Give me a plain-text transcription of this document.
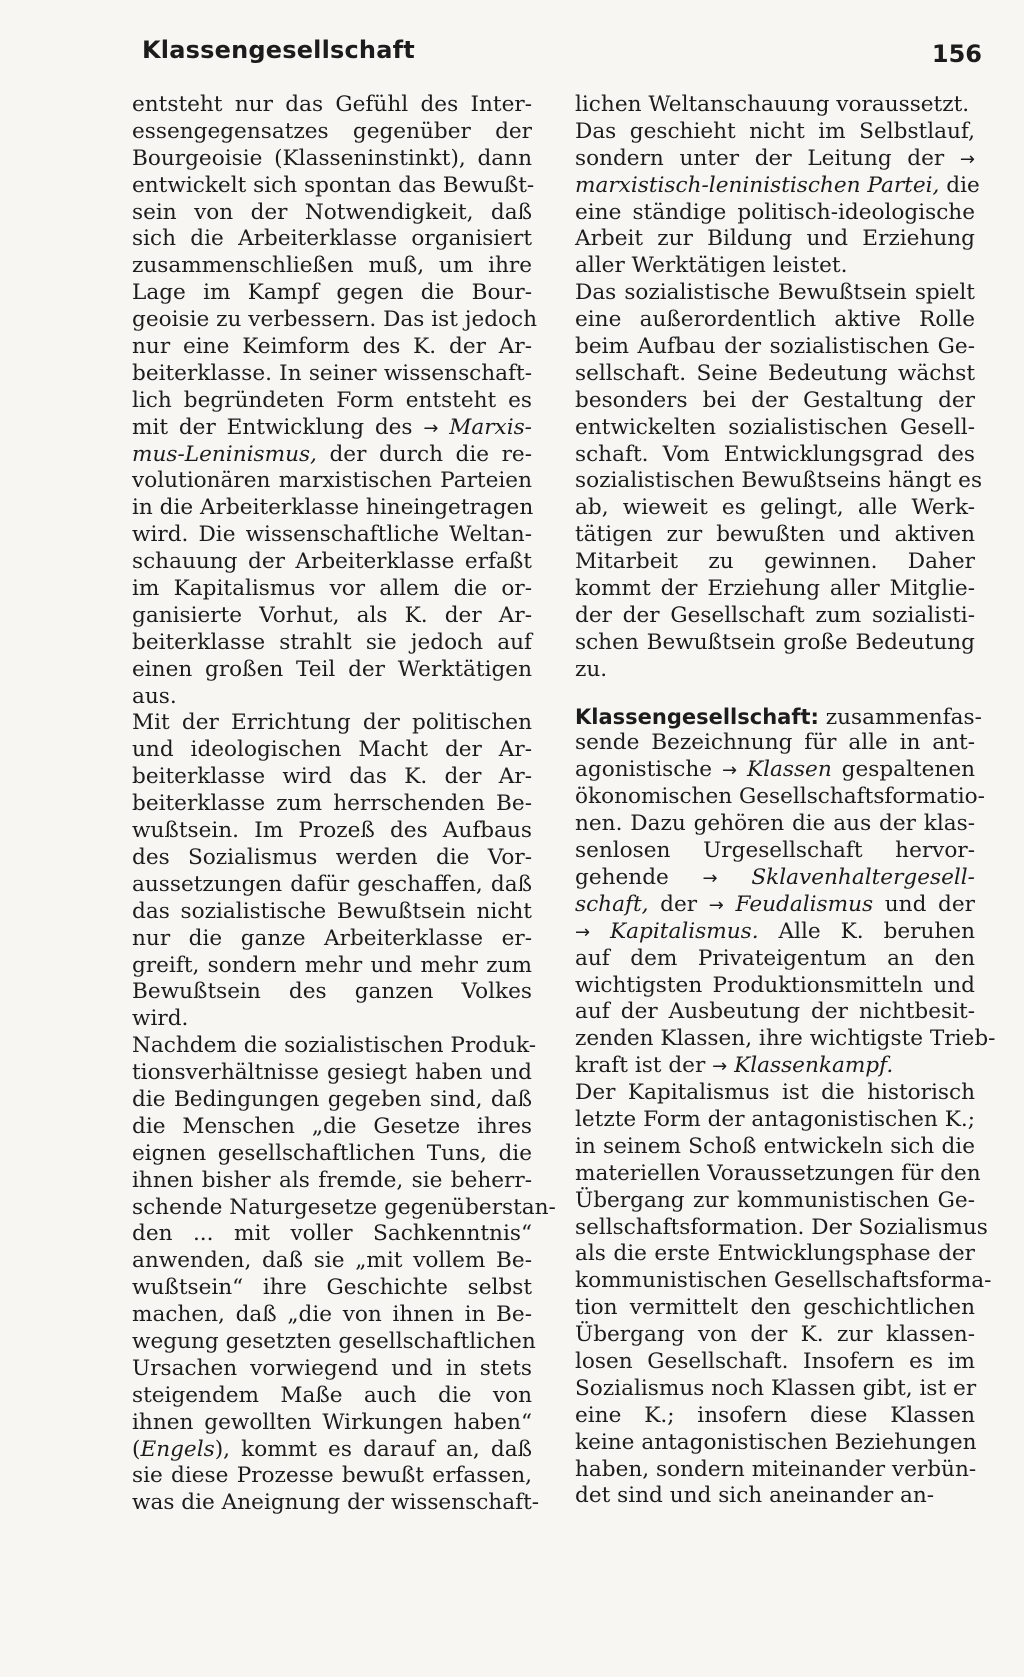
Klassengesellschaft	156
entsteht nur das Gefühl des Inter-
essengegensatzes gegenüber der
Bourgeoisie (Klasseninstinkt), dann
entwickelt sich spontan das Bewußt-
sein von der Notwendigkeit, daß
sich die Arbeiterklasse organisiert
zusammenschließen muß, um ihre
Lage im Kampf gegen die Bour-
geoisie zu verbessern. Das ist jedoch
nur eine Keimform des K. der Ar-
beiterklasse. In seiner wissenschaft-
lich begründeten Form entsteht es
mit der Entwicklung des → Marxis-
mus-Leninismus, der durch die re-
volutionären marxistischen Parteien
in die Arbeiterklasse hineingetragen
wird. Die wissenschaftliche Weltan-
schauung der Arbeiterklasse erfaßt
im Kapitalismus vor allem die or-
ganisierte Vorhut, als K. der Ar-
beiterklasse strahlt sie jedoch auf
einen großen Teil der Werktätigen
aus.
Mit der Errichtung der politischen
und ideologischen Macht der Ar-
beiterklasse wird das K. der Ar-
beiterklasse zum herrschenden Be-
wußtsein. Im Prozeß des Aufbaus
des Sozialismus werden die Vor-
aussetzungen dafür geschaffen, daß
das sozialistische Bewußtsein nicht
nur die ganze Arbeiterklasse er-
greift, sondern mehr und mehr zum
Bewußtsein des ganzen Volkes
wird.
Nachdem die sozialistischen Produk-
tionsverhältnisse gesiegt haben und
die Bedingungen gegeben sind, daß
die Menschen „die Gesetze ihres
eignen gesellschaftlichen Tuns, die
ihnen bisher als fremde, sie beherr-
schende Naturgesetze gegenüberstan-
den ... mit voller Sachkenntnis“
anwenden, daß sie „mit vollem Be-
wußtsein“ ihre Geschichte selbst
machen, daß „die von ihnen in Be-
wegung gesetzten gesellschaftlichen
Ursachen vorwiegend und in stets
steigendem Maße auch die von
ihnen gewollten Wirkungen haben“
(Engels), kommt es darauf an, daß
sie diese Prozesse bewußt erfassen,
was die Aneignung der wissenschaft-
lichen Weltanschauung voraussetzt.
Das geschieht nicht im Selbstlauf,
sondern unter der Leitung der →
marxistisch-leninistischen Partei, die
eine ständige politisch-ideologische
Arbeit zur Bildung und Erziehung
aller Werktätigen leistet.
Das sozialistische Bewußtsein spielt
eine außerordentlich aktive Rolle
beim Aufbau der sozialistischen Ge-
sellschaft. Seine Bedeutung wächst
besonders bei der Gestaltung der
entwickelten sozialistischen Gesell-
schaft. Vom Entwicklungsgrad des
sozialistischen Bewußtseins hängt es
ab, wieweit es gelingt, alle Werk-
tätigen zur bewußten und aktiven
Mitarbeit zu gewinnen. Daher
kommt der Erziehung aller Mitglie-
der der Gesellschaft zum sozialisti-
schen Bewußtsein große Bedeutung
zu.
Klassengesellschaft: zusammenfas-
sende Bezeichnung für alle in ant-
agonistische → Klassen gespaltenen
ökonomischen Gesellschaftsformatio-
nen. Dazu gehören die aus der klas-
senlosen Urgesellschaft hervor-
gehende → Sklavenhaltergesell-
schaft, der → Feudalismus und der
→ Kapitalismus. Alle K. beruhen
auf dem Privateigentum an den
wichtigsten Produktionsmitteln und
auf der Ausbeutung der nichtbesit-
zenden Klassen, ihre wichtigste Trieb-
kraft ist der → Klassenkampf.
Der Kapitalismus ist die historisch
letzte Form der antagonistischen K.;
in seinem Schoß entwickeln sich die
materiellen Voraussetzungen für den
Übergang zur kommunistischen Ge-
sellschaftsformation. Der Sozialismus
als die erste Entwicklungsphase der
kommunistischen Gesellschaftsforma-
tion vermittelt den geschichtlichen
Übergang von der K. zur klassen-
losen Gesellschaft. Insofern es im
Sozialismus noch Klassen gibt, ist er
eine K.; insofern diese Klassen
keine antagonistischen Beziehungen
haben, sondern miteinander verbün-
det sind und sich aneinander an-
